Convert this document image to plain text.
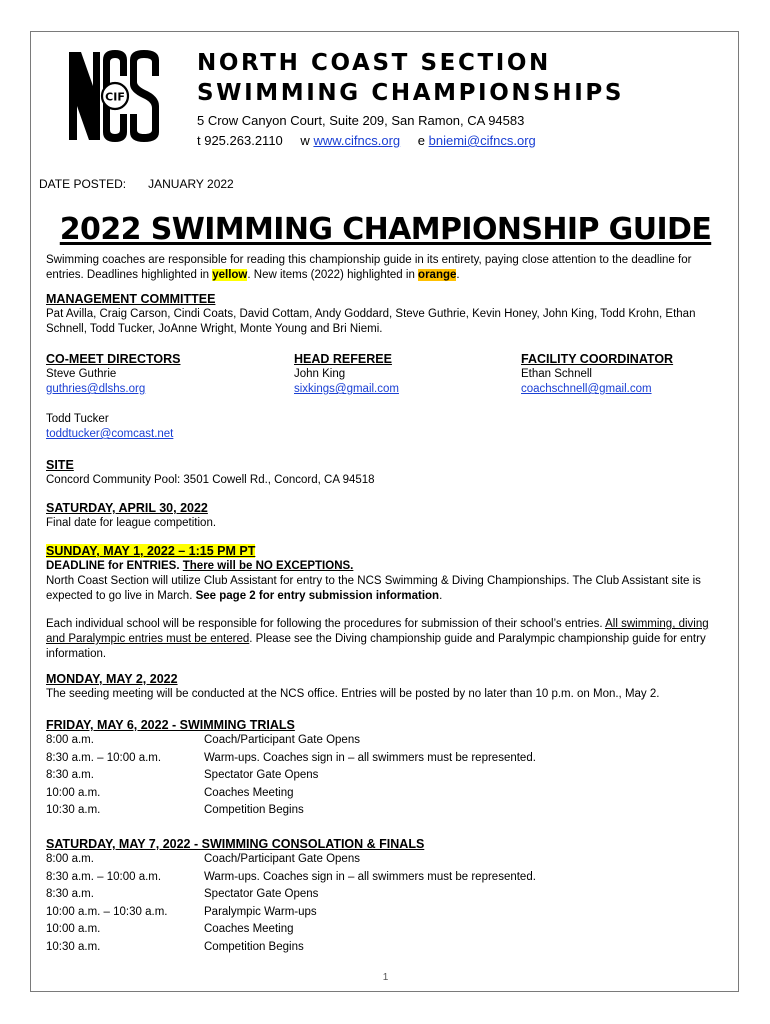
CIF
NORTH COAST SECTION
SWIMMING CHAMPIONSHIPS

5 Crow Canyon Court, Suite 209, San Ramon, CA 94583

t 925.263.2110 w www.cifncs.org e bniemi@cifncs.org

DATE POSTED: JANUARY 2022
2022 SWIMMING CHAMPIONSHIP GUIDE

Swimming coaches are responsible for reading this championship guide in its entirety, paying close attention to the deadline for entries. Deadlines highlighted in yellow. New items (2022) highlighted in orange.

MANAGEMENT COMMITTEE

Pat Avilla, Craig Carson, Cindi Coats, David Cottam, Andy Goddard, Steve Guthrie, Kevin Honey, John King, Todd Krohn, Ethan Schnell, Todd Tucker, JoAnne Wright, Monte Young and Bri Niemi.

CO-MEET DIRECTORS

Steve Guthrie

guthries@dlshs.org

Todd Tucker

toddtucker@comcast.net

HEAD REFEREE

John King

sixkings@gmail.com

FACILITY COORDINATOR

Ethan Schnell

coachschnell@gmail.com

SITE

Concord Community Pool: 3501 Cowell Rd., Concord, CA 94518

SATURDAY, APRIL 30, 2022

Final date for league competition.

SUNDAY, MAY 1, 2022 – 1:15 PM PT

DEADLINE for ENTRIES. There will be NO EXCEPTIONS.

North Coast Section will utilize Club Assistant for entry to the NCS Swimming & Diving Championships. The Club Assistant site is expected to go live in March. See page 2 for entry submission information.

Each individual school will be responsible for following the procedures for submission of their school’s entries. All swimming, diving and Paralympic entries must be entered. Please see the Diving championship guide and Paralympic championship guide for entry information.

MONDAY, MAY 2, 2022

The seeding meeting will be conducted at the NCS office. Entries will be posted by no later than 10 p.m. on Mon., May 2.

FRIDAY, MAY 6, 2022 - SWIMMING TRIALS

8:00 a.m.	Coach/Participant Gate Opens
8:30 a.m. – 10:00 a.m.	Warm-ups. Coaches sign in – all swimmers must be represented.
8:30 a.m.	Spectator Gate Opens
10:00 a.m.	Coaches Meeting
10:30 a.m.	Competition Begins

SATURDAY, MAY 7, 2022 - SWIMMING CONSOLATION & FINALS

8:00 a.m.	Coach/Participant Gate Opens
8:30 a.m. – 10:00 a.m.	Warm-ups. Coaches sign in – all swimmers must be represented.
8:30 a.m.	Spectator Gate Opens
10:00 a.m. – 10:30 a.m.	Paralympic Warm-ups
10:00 a.m.	Coaches Meeting
10:30 a.m.	Competition Begins
1
